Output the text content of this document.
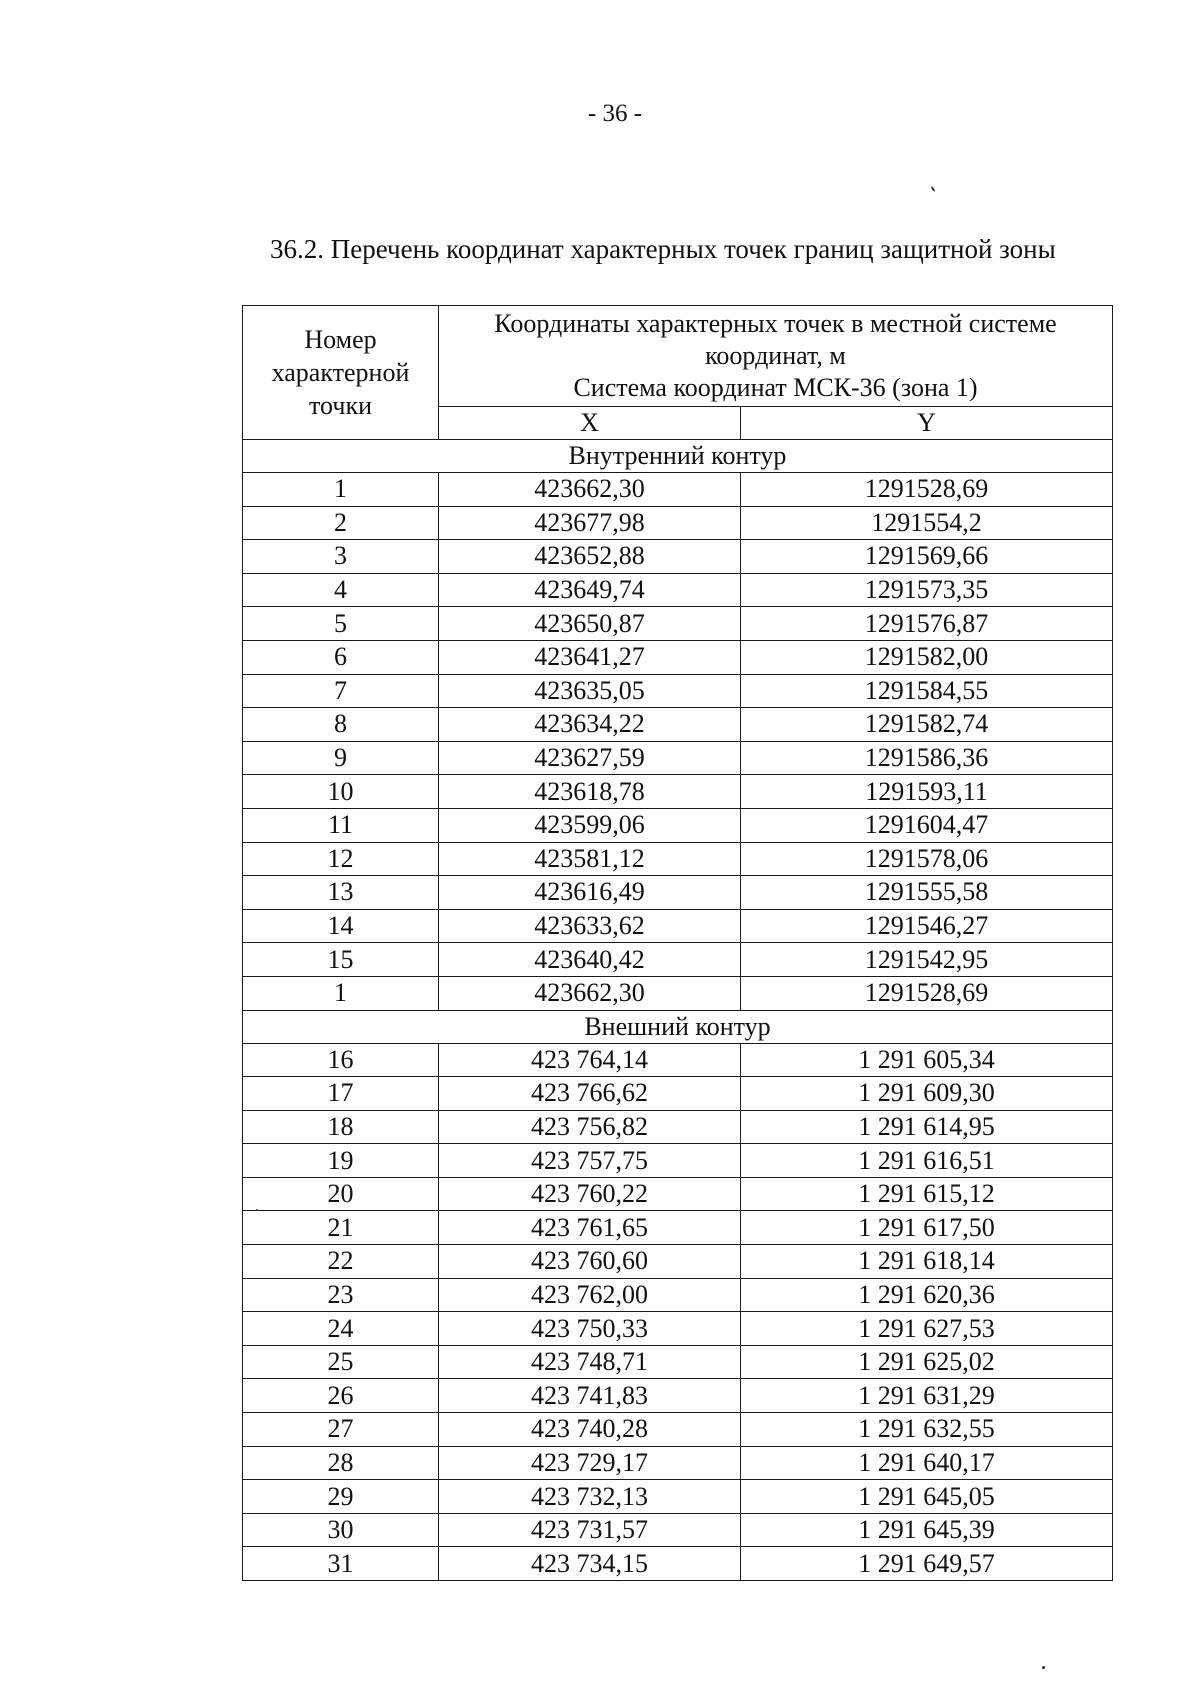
- 36 -
36.2. Перечень координат характерных точек границ защитной зоны
Номер характерной точки	Координаты характерных точек в местной системе координат, м
Система координат МСК-36 (зона 1)	

	X	Y
Внутренний контур		
1	423662,30	1291528,69
2	423677,98	1291554,2
3	423652,88	1291569,66
4	423649,74	1291573,35
5	423650,87	1291576,87
6	423641,27	1291582,00
7	423635,05	1291584,55
8	423634,22	1291582,74
9	423627,59	1291586,36
10	423618,78	1291593,11
11	423599,06	1291604,47
12	423581,12	1291578,06
13	423616,49	1291555,58
14	423633,62	1291546,27
15	423640,42	1291542,95
1	423662,30	1291528,69
Внешний контур		
16	423 764,14	1 291 605,34
17	423 766,62	1 291 609,30
18	423 756,82	1 291 614,95
19	423 757,75	1 291 616,51
20	423 760,22	1 291 615,12
21	423 761,65	1 291 617,50
22	423 760,60	1 291 618,14
23	423 762,00	1 291 620,36
24	423 750,33	1 291 627,53
25	423 748,71	1 291 625,02
26	423 741,83	1 291 631,29
27	423 740,28	1 291 632,55
28	423 729,17	1 291 640,17
29	423 732,13	1 291 645,05
30	423 731,57	1 291 645,39
31	423 734,15	1 291 649,57
